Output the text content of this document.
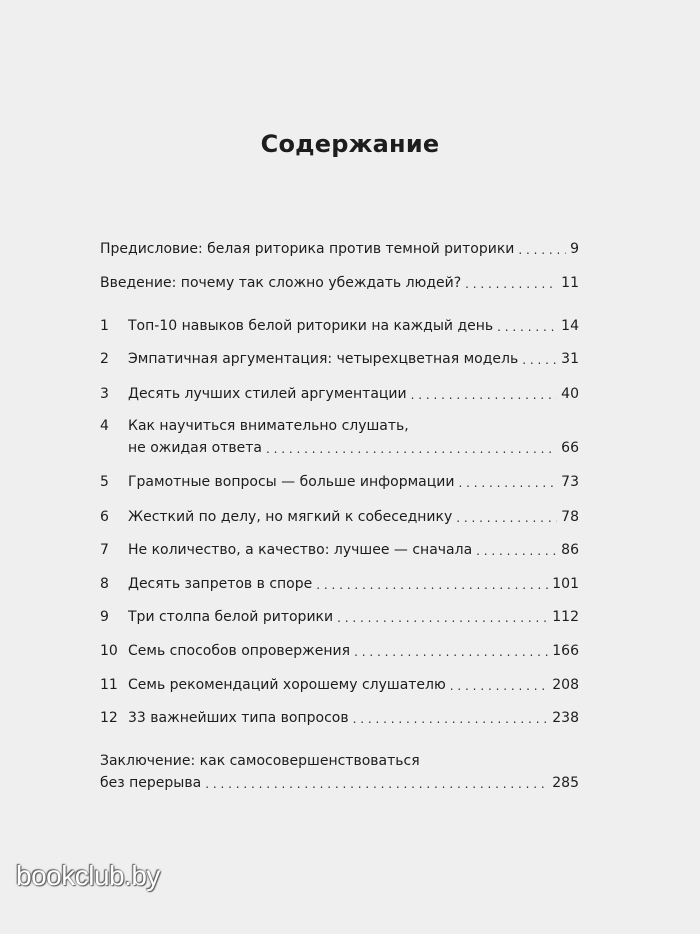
Содержание
Предисловие: белая риторика против темной риторики . . .	9
Введение: почему так сложно убеждать людей? . . .	11
1	Топ-10 навыков белой риторики на каждый день . . .	14
2	Эмпатичная аргументация: четырехцветная модель . . .	31
3	Десять лучших стилей аргументации . . .	40
4 Как научиться внимательно слушать,
не ожидая ответа . . .	66
5	Грамотные вопросы — больше информации . . .	73
6	Жесткий по делу, но мягкий к собеседнику . . .	78
7	Не количество, а качество: лучшее — сначала . . .	86
8	Десять запретов в споре . . .	101
9	Три столпа белой риторики . . .	112
10 Семь способов опровержения . . .	166
11 Семь рекомендаций хорошему слушателю . . .	208
12 33 важнейших типа вопросов . . .	238
Заключение: как самосовершенствоваться
без перерыва . . .	285
bookclub.by
